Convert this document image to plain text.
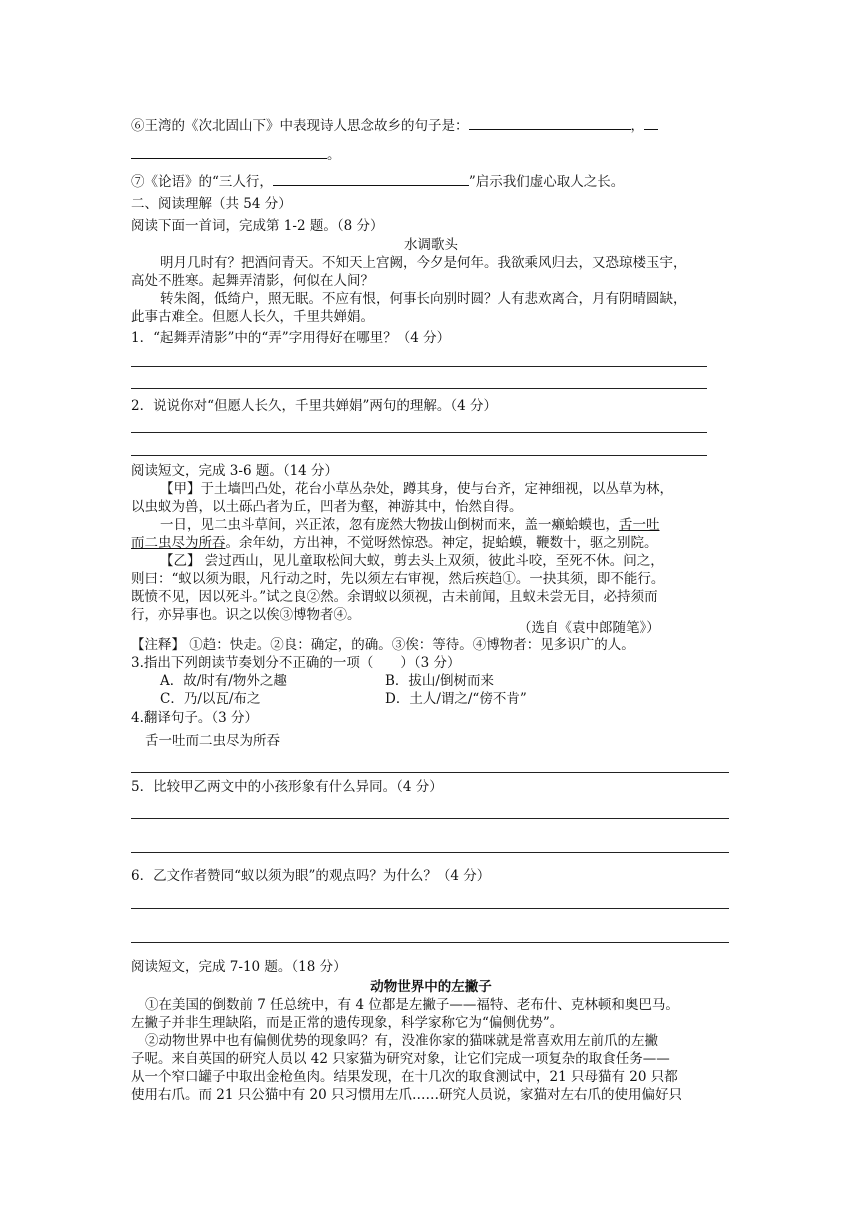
⑥王湾的《次北固山下》中表现诗人思念故乡的句子是：	，
。
⑦《论语》的“三人行，	”启示我们虚心取人之长。
二、阅读理解（共 54 分）
阅读下面一首词，完成第 1-2 题。（8 分）
水调歌头
明月几时有？把酒问青天。不知天上宫阙，今夕是何年。我欲乘风归去，又恐琼楼玉宇，
高处不胜寒。起舞弄清影，何似在人间？
转朱阁，低绮户，照无眠。不应有恨，何事长向别时圆？人有悲欢离合，月有阴晴圆缺，
此事古难全。但愿人长久，千里共婵娟。
1．“起舞弄清影”中的“弄”字用得好在哪里？（4 分）
2．说说你对“但愿人长久，千里共婵娟”两句的理解。（4 分）
阅读短文，完成 3-6 题。（14 分）
【甲】于土墙凹凸处，花台小草丛杂处，蹲其身，使与台齐，定神细视，以丛草为林，
以虫蚁为兽，以土砾凸者为丘，凹者为壑，神游其中，怡然自得。
一日，见二虫斗草间，兴正浓，忽有庞然大物拔山倒树而来，盖一癞蛤蟆也，舌一吐
而二虫尽为所吞。余年幼，方出神，不觉呀然惊恐。神定，捉蛤蟆，鞭数十，驱之别院。
【乙】 尝过西山，见儿童取松间大蚁，剪去头上双须，彼此斗咬，至死不休。问之，
则曰：“蚁以须为眼，凡行动之时，先以须左右审视，然后疾趋①。一抉其须，即不能行。
既愤不见，因以死斗。”试之良②然。余谓蚁以须视，古未前闻，且蚁未尝无目，必持须而
行，亦异事也。识之以俟③博物者④。
（选自《袁中郎随笔》）
【注释】 ①趋：快走。②良：确定，的确。③俟：等待。④博物者：见多识广的人。
3.指出下列朗读节奏划分不正确的一项（　　）（3 分）
A．故/时有/物外之趣	B．拔山/倒树而来
C．乃/以瓦/布之	D．土人/谓之/“傍不肯”
4.翻译句子。（3 分）
舌一吐而二虫尽为所吞
5．比较甲乙两文中的小孩形象有什么异同。（4 分）
6．乙文作者赞同“蚁以须为眼”的观点吗？为什么？（4 分）
阅读短文，完成 7-10 题。（18 分）
动物世界中的左撇子
①在美国的倒数前 7 任总统中，有 4 位都是左撇子——福特、老布什、克林顿和奥巴马。
左撇子并非生理缺陷，而是正常的遗传现象，科学家称它为“偏侧优势”。
②动物世界中也有偏侧优势的现象吗？有，没准你家的猫咪就是常喜欢用左前爪的左撇
子呢。来自英国的研究人员以 42 只家猫为研究对象，让它们完成一项复杂的取食任务——
从一个窄口罐子中取出金枪鱼肉。结果发现，在十几次的取食测试中，21 只母猫有 20 只都
使用右爪。而 21 只公猫中有 20 只习惯用左爪……研究人员说，家猫对左右爪的使用偏好只
